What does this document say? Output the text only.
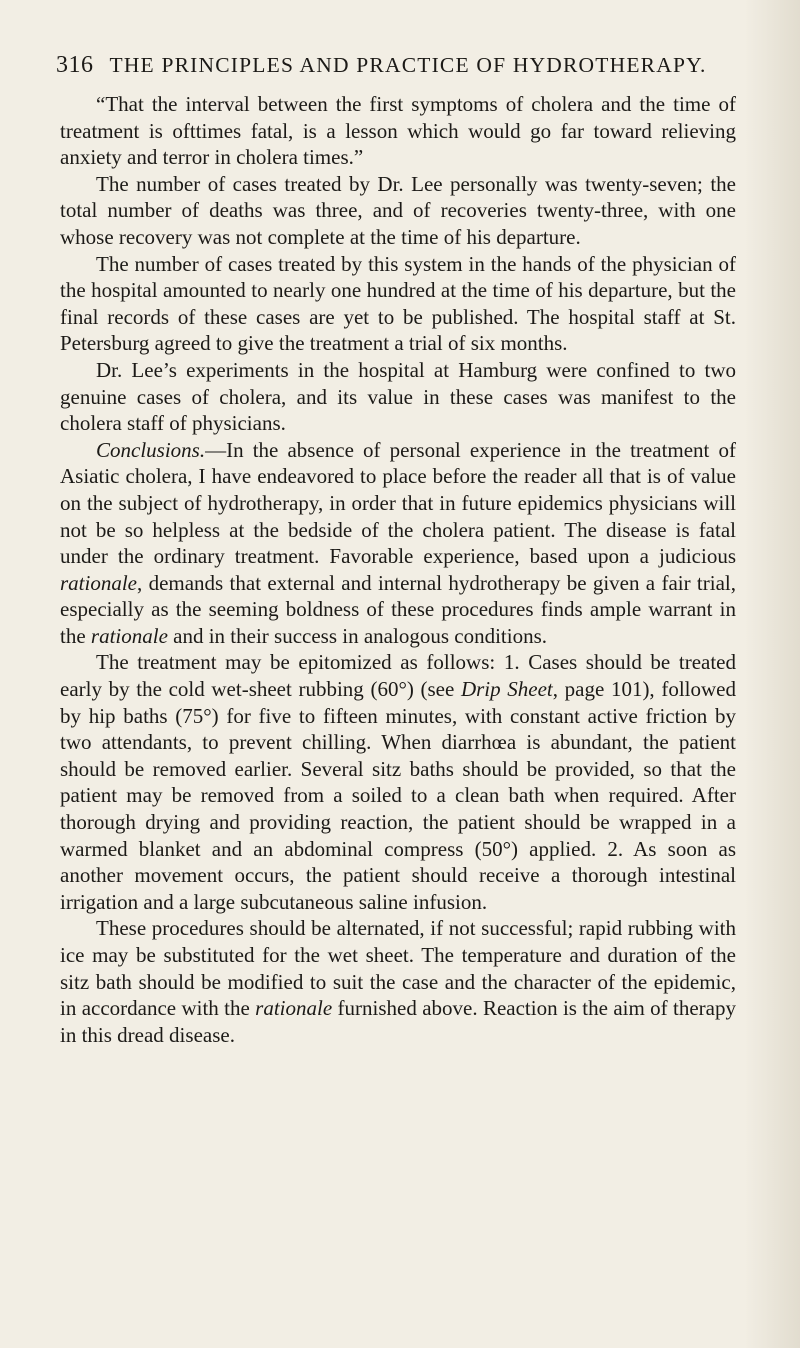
316 THE PRINCIPLES AND PRACTICE OF HYDROTHERAPY.

“That the interval between the first symptoms of cholera and the time of treatment is ofttimes fatal, is a lesson which would go far toward relieving anxiety and terror in cholera times.”

The number of cases treated by Dr. Lee personally was twenty-seven; the total number of deaths was three, and of recoveries twenty-three, with one whose recovery was not complete at the time of his departure.

The number of cases treated by this system in the hands of the physician of the hospital amounted to nearly one hundred at the time of his departure, but the final records of these cases are yet to be published. The hospital staff at St. Petersburg agreed to give the treatment a trial of six months.

Dr. Lee’s experiments in the hospital at Hamburg were confined to two genuine cases of cholera, and its value in these cases was manifest to the cholera staff of physicians.

Conclusions.—In the absence of personal experience in the treatment of Asiatic cholera, I have endeavored to place before the reader all that is of value on the subject of hydrotherapy, in order that in future epidemics physicians will not be so helpless at the bedside of the cholera patient. The disease is fatal under the ordinary treatment. Favorable experience, based upon a judicious rationale, demands that external and internal hydrotherapy be given a fair trial, especially as the seeming boldness of these procedures finds ample warrant in the rationale and in their success in analogous conditions.

The treatment may be epitomized as follows: 1. Cases should be treated early by the cold wet-sheet rubbing (60°) (see Drip Sheet, page 101), followed by hip baths (75°) for five to fifteen minutes, with constant active friction by two attendants, to prevent chilling. When diarrhœa is abundant, the patient should be removed earlier. Several sitz baths should be provided, so that the patient may be removed from a soiled to a clean bath when required. After thorough drying and providing reaction, the patient should be wrapped in a warmed blanket and an abdominal compress (50°) applied. 2. As soon as another movement occurs, the patient should receive a thorough intestinal irrigation and a large subcutaneous saline infusion.

These procedures should be alternated, if not successful; rapid rubbing with ice may be substituted for the wet sheet. The temperature and duration of the sitz bath should be modified to suit the case and the character of the epidemic, in accordance with the rationale furnished above. Reaction is the aim of therapy in this dread disease.
